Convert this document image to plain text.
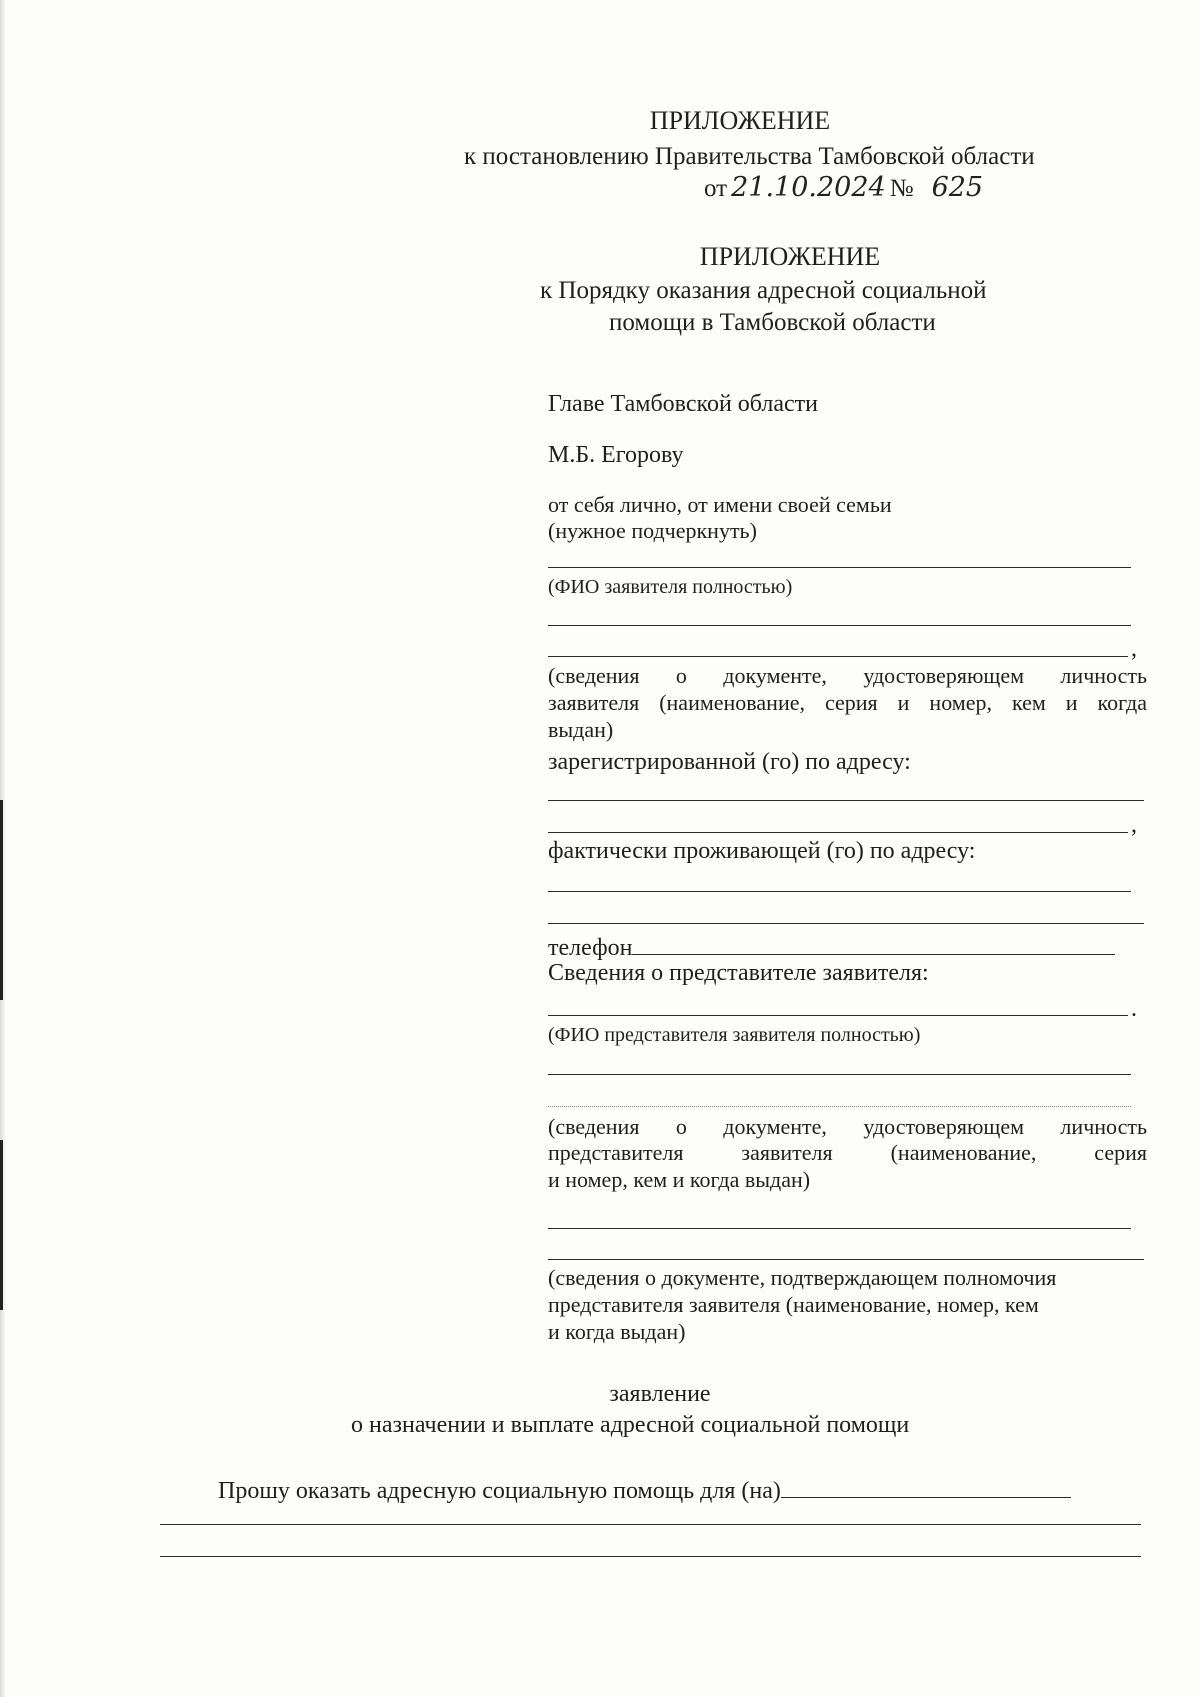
ПРИЛОЖЕНИЕ
к постановлению Правительства Тамбовской области
от 21.10.2024 № 625
ПРИЛОЖЕНИЕ
к Порядку оказания адресной социальной
помощи в Тамбовской области
Главе Тамбовской области
М.Б. Егорову
от себя лично, от имени своей семьи
(нужное подчеркнуть)
(ФИО заявителя полностью)
,
(сведения о документе, удостоверяющем личность
заявителя (наименование, серия и номер, кем и когда
выдан)
зарегистрированной (го) по адресу:
,
фактически проживающей (го) по адресу:
телефон
Сведения о представителе заявителя:
.
(ФИО представителя заявителя полностью)
(сведения о документе, удостоверяющем личность
представителя заявителя (наименование, серия
и номер, кем и когда выдан)
(сведения о документе, подтверждающем полномочия
представителя заявителя (наименование, номер, кем
и когда выдан)
заявление
о назначении и выплате адресной социальной помощи
Прошу оказать адресную социальную помощь для (на)
